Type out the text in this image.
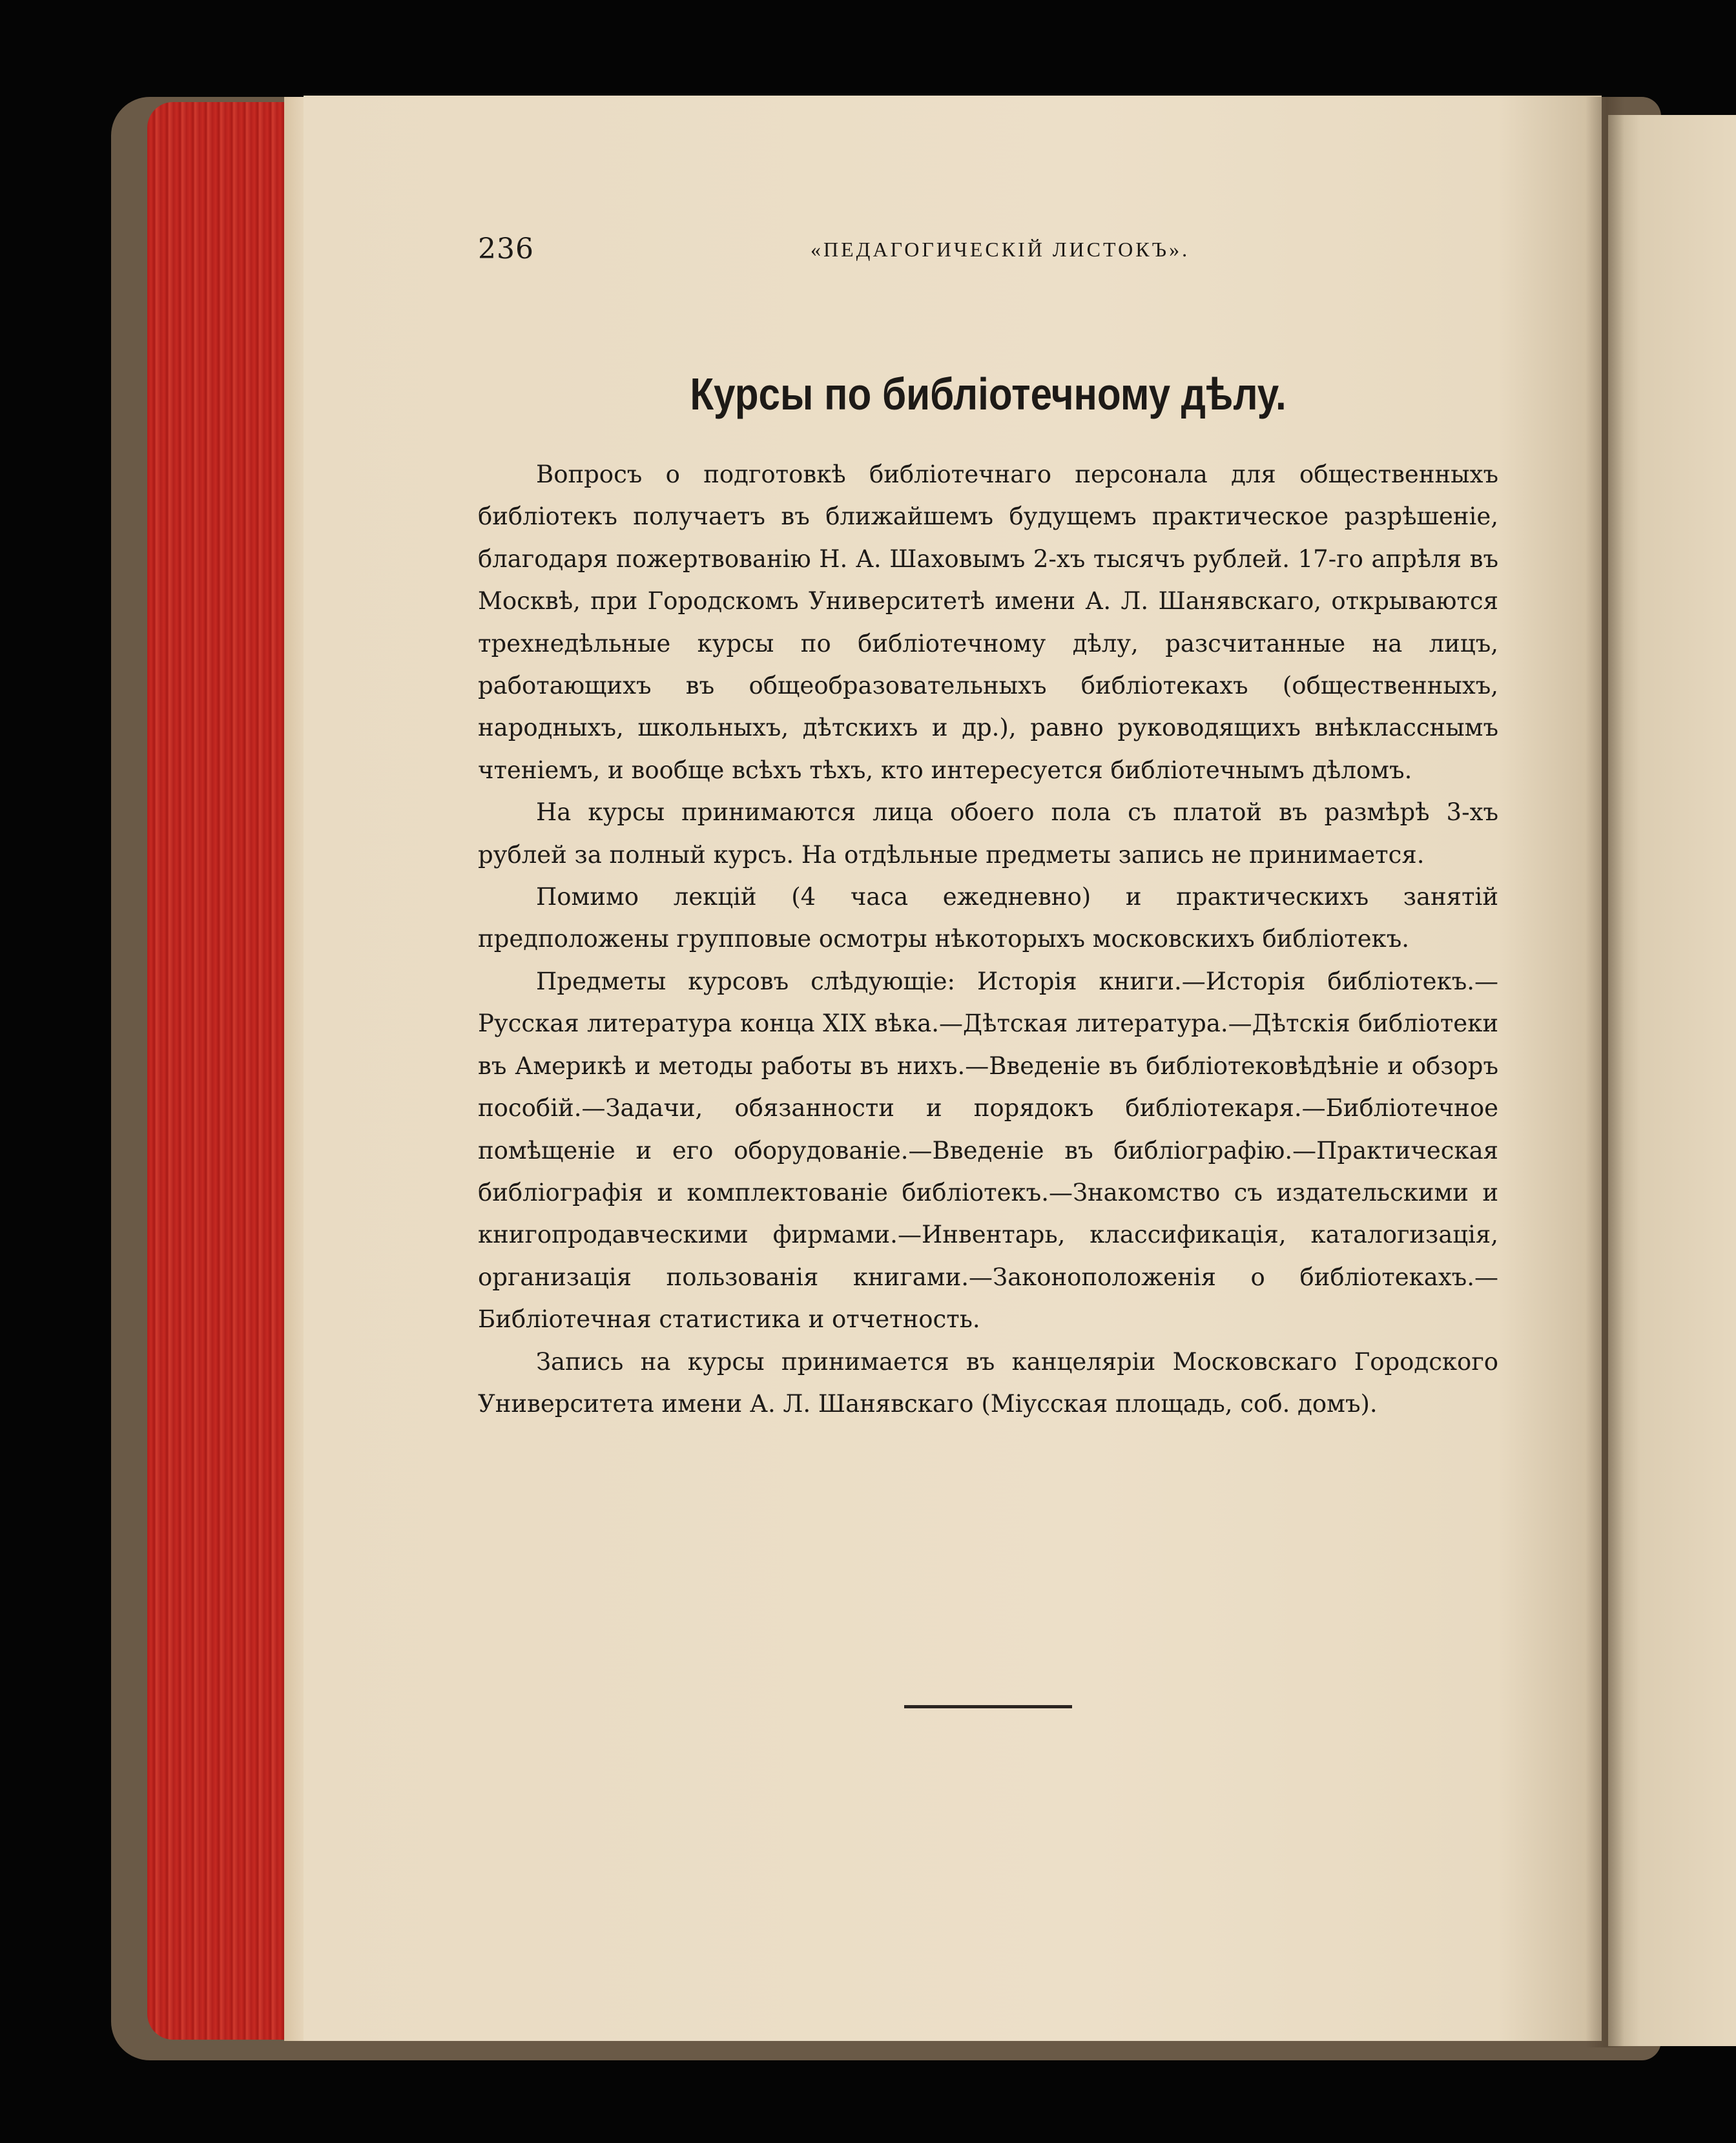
236	«ПЕДАГОГИЧЕСКIЙ ЛИСТОКЪ».
Курсы по библiотечному дѣлу.

Вопросъ о подготовкѣ библiотечнаго персонала для общественныхъ библiотекъ получаетъ въ ближайшемъ будущемъ практическое разрѣшенiе, благодаря пожертвованiю Н. А. Шаховымъ 2-хъ тысячъ рублей. 17-го апрѣля въ Москвѣ, при Городскомъ Университетѣ имени А. Л. Шанявскаго, открываются трехнедѣльные курсы по библiотечному дѣлу, разсчитанные на лицъ, работающихъ въ общеобразовательныхъ библiотекахъ (общественныхъ, народныхъ, школьныхъ, дѣтскихъ и др.), равно руководящихъ внѣкласснымъ чтенiемъ, и вообще всѣхъ тѣхъ, кто интересуется библiотечнымъ дѣломъ.

На курсы принимаются лица обоего пола съ платой въ размѣрѣ 3-хъ рублей за полный курсъ. На отдѣльные предметы запись не принимается.

Помимо лекцiй (4 часа ежедневно) и практическихъ занятiй предположены групповые осмотры нѣкоторыхъ московскихъ библiотекъ.

Предметы курсовъ слѣдующiе: Исторiя книги.—Исторiя библiотекъ.—Русская литература конца XIX вѣка.—Дѣтская литература.—Дѣтскiя библiотеки въ Америкѣ и методы работы въ нихъ.—Введенiе въ библiотековѣдѣнiе и обзоръ пособiй.—Задачи, обязанности и порядокъ библiотекаря.—Библiотечное помѣщенiе и его оборудованiе.—Введенiе въ библiографiю.—Практическая библiографiя и комплектованiе библiотекъ.—Знакомство съ издательскими и книгопродавческими фирмами.—Инвентарь, классификацiя, каталогизацiя, организацiя пользованiя книгами.—Законоположенiя о библiотекахъ.—Библiотечная статистика и отчетность.

Запись на курсы принимается въ канцелярiи Московскаго Городского Университета имени А. Л. Шанявскаго (Мiусская площадь, соб. домъ).
